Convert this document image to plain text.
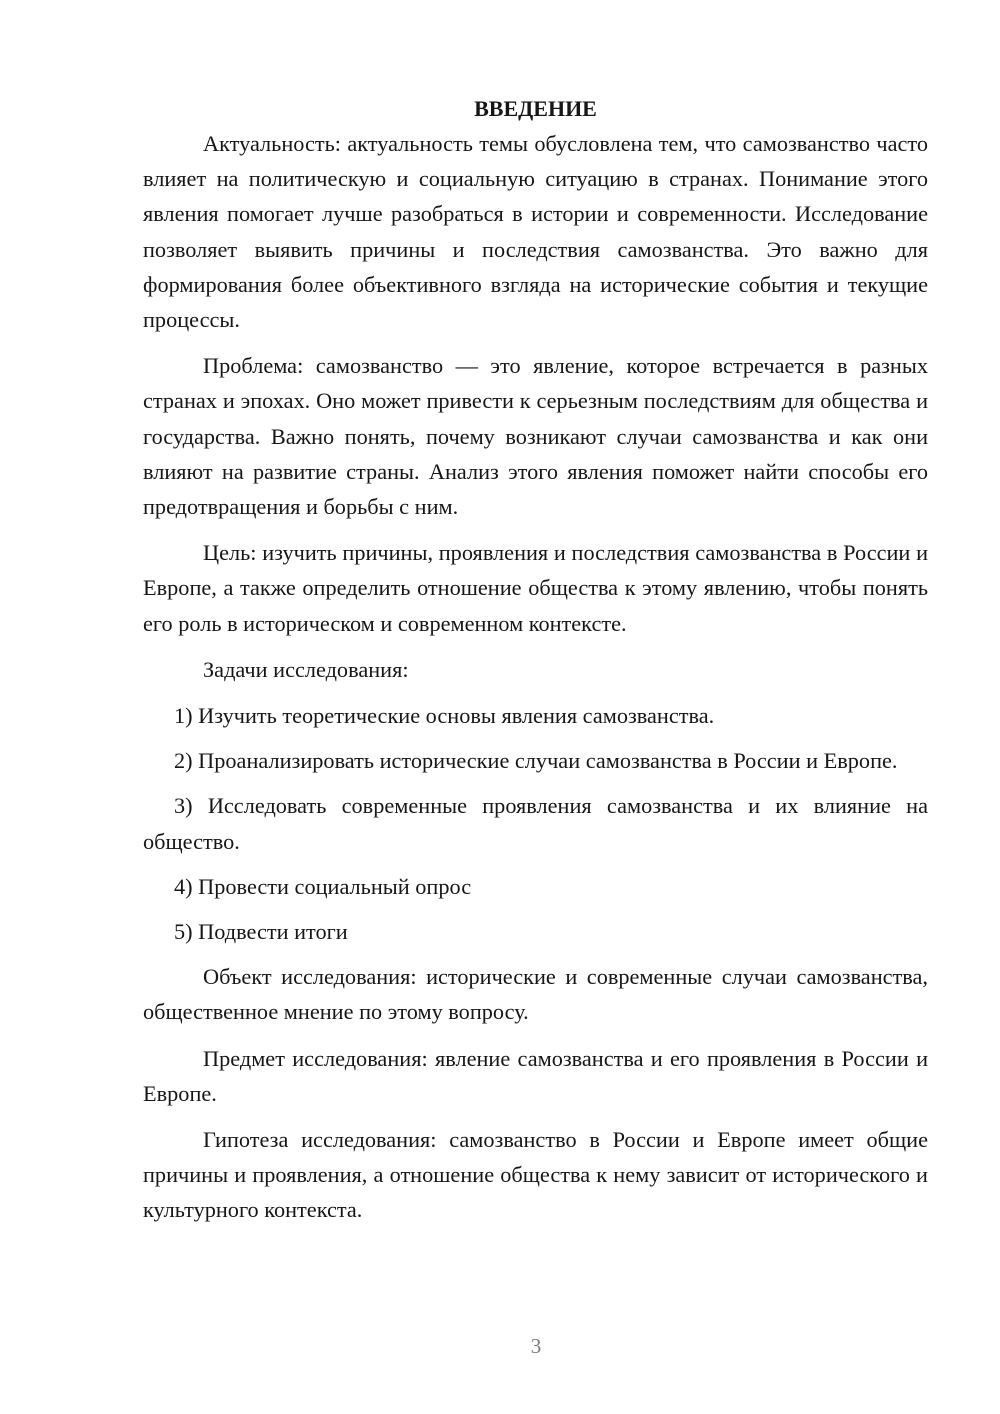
ВВЕДЕНИЕ

Актуальность: актуальность темы обусловлена тем, что самозванство часто влияет на политическую и социальную ситуацию в странах. Понимание этого явления помогает лучше разобраться в истории и современности. Исследование позволяет выявить причины и последствия самозванства. Это важно для формирования более объективного взгляда на исторические события и текущие процессы.

Проблема: самозванство — это явление, которое встречается в разных странах и эпохах. Оно может привести к серьезным последствиям для общества и государства. Важно понять, почему возникают случаи самозванства и как они влияют на развитие страны. Анализ этого явления поможет найти способы его предотвращения и борьбы с ним.

Цель: изучить причины, проявления и последствия самозванства в России и Европе, а также определить отношение общества к этому явлению, чтобы понять его роль в историческом и современном контексте.

Задачи исследования:

1) Изучить теоретические основы явления самозванства.

2) Проанализировать исторические случаи самозванства в России и Европе.

3) Исследовать современные проявления самозванства и их влияние на общество.

4) Провести социальный опрос

5) Подвести итоги

Объект исследования: исторические и современные случаи самозванства, общественное мнение по этому вопросу.

Предмет исследования: явление самозванства и его проявления в России и Европе.

Гипотеза исследования: самозванство в России и Европе имеет общие причины и проявления, а отношение общества к нему зависит от исторического и культурного контекста.

3
